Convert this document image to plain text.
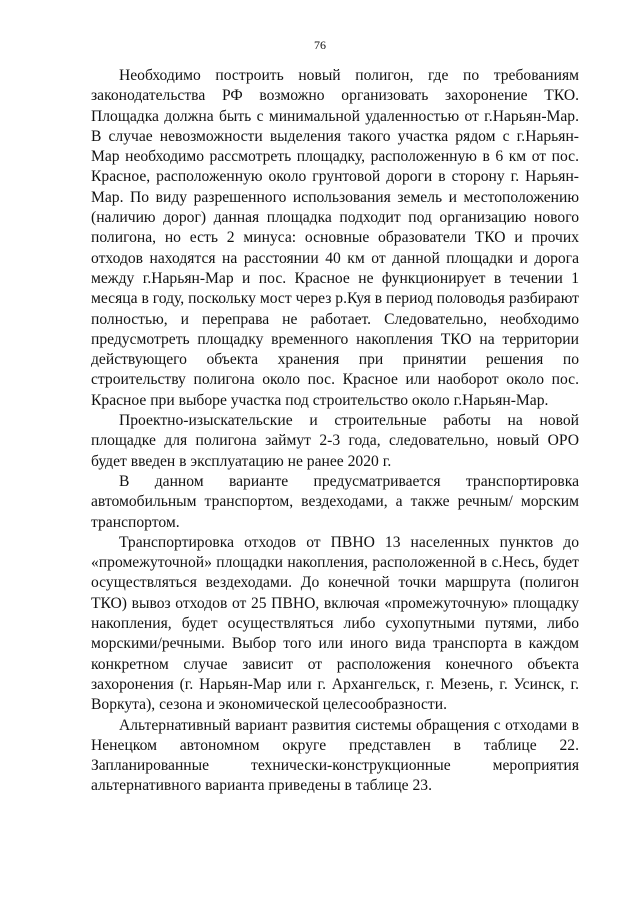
76

Необходимо построить новый полигон, где по требованиям законодательства РФ возможно организовать захоронение ТКО. Площадка должна быть с минимальной удаленностью от г.Нарьян-Мар. В случае невозможности выделения такого участка рядом с г.Нарьян-Мар необходимо рассмотреть площадку, расположенную в 6 км от пос. Красное, расположенную около грунтовой дороги в сторону г. Нарьян-Мар. По виду разрешенного использования земель и местоположению (наличию дорог) данная площадка подходит под организацию нового полигона, но есть 2 минуса: основные образователи ТКО и прочих отходов находятся на расстоянии 40 км от данной площадки и дорога между г.Нарьян-Мар и пос. Красное не функционирует в течении 1 месяца в году, поскольку мост через р.Куя в период половодья разбирают полностью, и переправа не работает. Следовательно, необходимо предусмотреть площадку временного накопления ТКО на территории действующего объекта хранения при принятии решения по строительству полигона около пос. Красное или наоборот около пос. Красное при выборе участка под строительство около г.Нарьян-Мар.

Проектно-изыскательские и строительные работы на новой площадке для полигона займут 2-3 года, следовательно, новый ОРО будет введен в эксплуатацию не ранее 2020 г.

В данном варианте предусматривается транспортировка автомобильным транспортом, вездеходами, а также речным/ морским транспортом.

Транспортировка отходов от ПВНО 13 населенных пунктов до «промежуточной» площадки накопления, расположенной в с.Несь, будет осуществляться вездеходами. До конечной точки маршрута (полигон ТКО) вывоз отходов от 25 ПВНО, включая «промежуточную» площадку накопления, будет осуществляться либо сухопутными путями, либо морскими/речными. Выбор того или иного вида транспорта в каждом конкретном случае зависит от расположения конечного объекта захоронения (г. Нарьян-Мар или г. Архангельск, г. Мезень, г. Усинск, г. Воркута), сезона и экономической целесообразности.

Альтернативный вариант развития системы обращения с отходами в Ненецком автономном округе представлен в таблице 22. Запланированные технически-конструкционные мероприятия альтернативного варианта приведены в таблице 23.
